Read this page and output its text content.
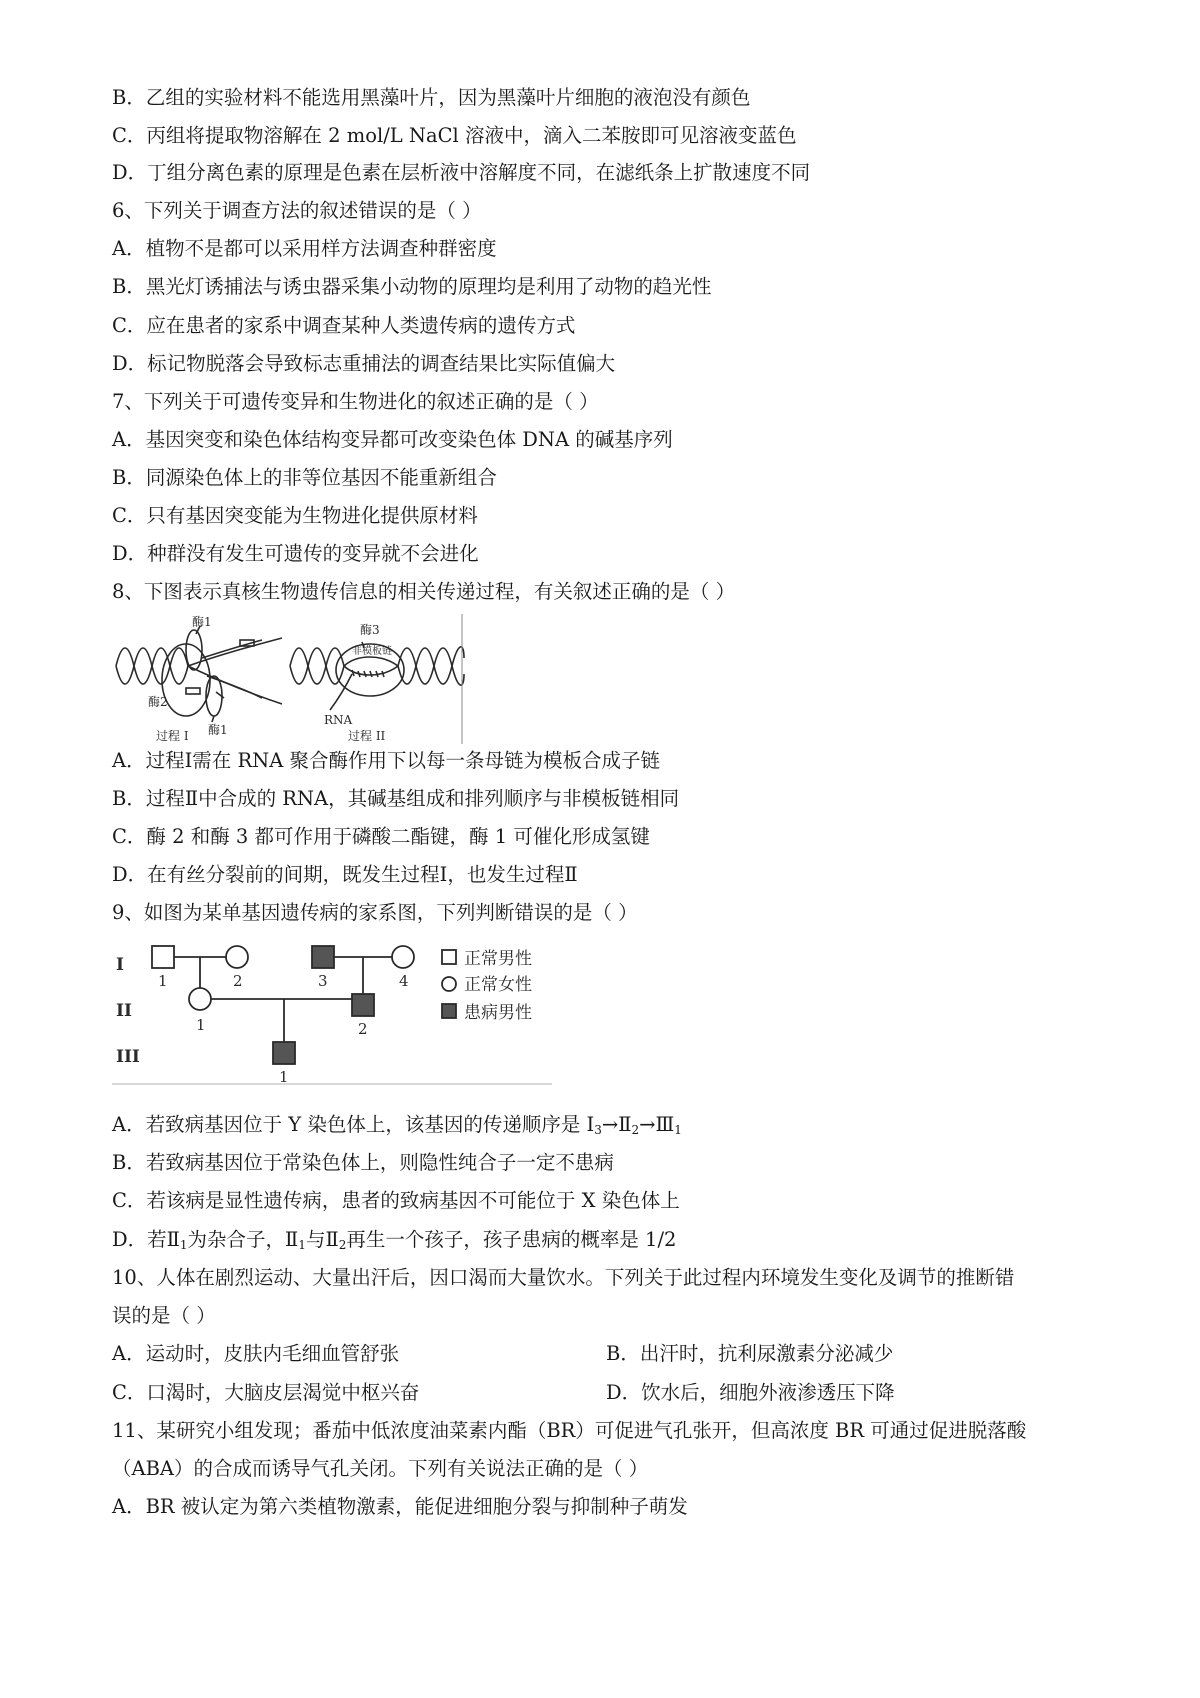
B．乙组的实验材料不能选用黑藻叶片，因为黑藻叶片细胞的液泡没有颜色
C．丙组将提取物溶解在 2 mol/L NaCl 溶液中，滴入二苯胺即可见溶液变蓝色
D．丁组分离色素的原理是色素在层析液中溶解度不同，在滤纸条上扩散速度不同
6、下列关于调查方法的叙述错误的是（ ）
A．植物不是都可以采用样方法调查种群密度
B．黑光灯诱捕法与诱虫器采集小动物的原理均是利用了动物的趋光性
C．应在患者的家系中调查某种人类遗传病的遗传方式
D．标记物脱落会导致标志重捕法的调查结果比实际值偏大
7、下列关于可遗传变异和生物进化的叙述正确的是（ ）
A．基因突变和染色体结构变异都可改变染色体 DNA 的碱基序列
B．同源染色体上的非等位基因不能重新组合
C．只有基因突变能为生物进化提供原材料
D．种群没有发生可遗传的变异就不会进化
8、下图表示真核生物遗传信息的相关传递过程，有关叙述正确的是（ ）
酶1
酶2
酶1
过程 I
酶3
非模板链
RNA
过程 II
A．过程Ⅰ需在 RNA 聚合酶作用下以每一条母链为模板合成子链
B．过程Ⅱ中合成的 RNA，其碱基组成和排列顺序与非模板链相同
C．酶 2 和酶 3 都可作用于磷酸二酯键，酶 1 可催化形成氢键
D．在有丝分裂前的间期，既发生过程Ⅰ，也发生过程Ⅱ
9、如图为某单基因遗传病的家系图，下列判断错误的是（ ）
I
II
III
1	2	3	4
1	2
1
正常男性
正常女性
患病男性
A．若致病基因位于 Y 染色体上，该基因的传递顺序是 $I_3\to Ⅱ_2\to Ⅲ_1$
B．若致病基因位于常染色体上，则隐性纯合子一定不患病
C．若该病是显性遗传病，患者的致病基因不可能位于 X 染色体上
D．若$Ⅱ_1$为杂合子，$Ⅱ_1$与$Ⅱ_2$再生一个孩子，孩子患病的概率是 1/2
10、人体在剧烈运动、大量出汗后，因口渴而大量饮水。下列关于此过程内环境发生变化及调节的推断错
误的是（ ）
A．运动时，皮肤内毛细血管舒张	B．出汗时，抗利尿激素分泌减少
C．口渴时，大脑皮层渴觉中枢兴奋	D．饮水后，细胞外液渗透压下降
11、某研究小组发现；番茄中低浓度油菜素内酯（BR）可促进气孔张开，但高浓度 BR 可通过促进脱落酸
（ABA）的合成而诱导气孔关闭。下列有关说法正确的是（ ）
A．BR 被认定为第六类植物激素，能促进细胞分裂与抑制种子萌发
